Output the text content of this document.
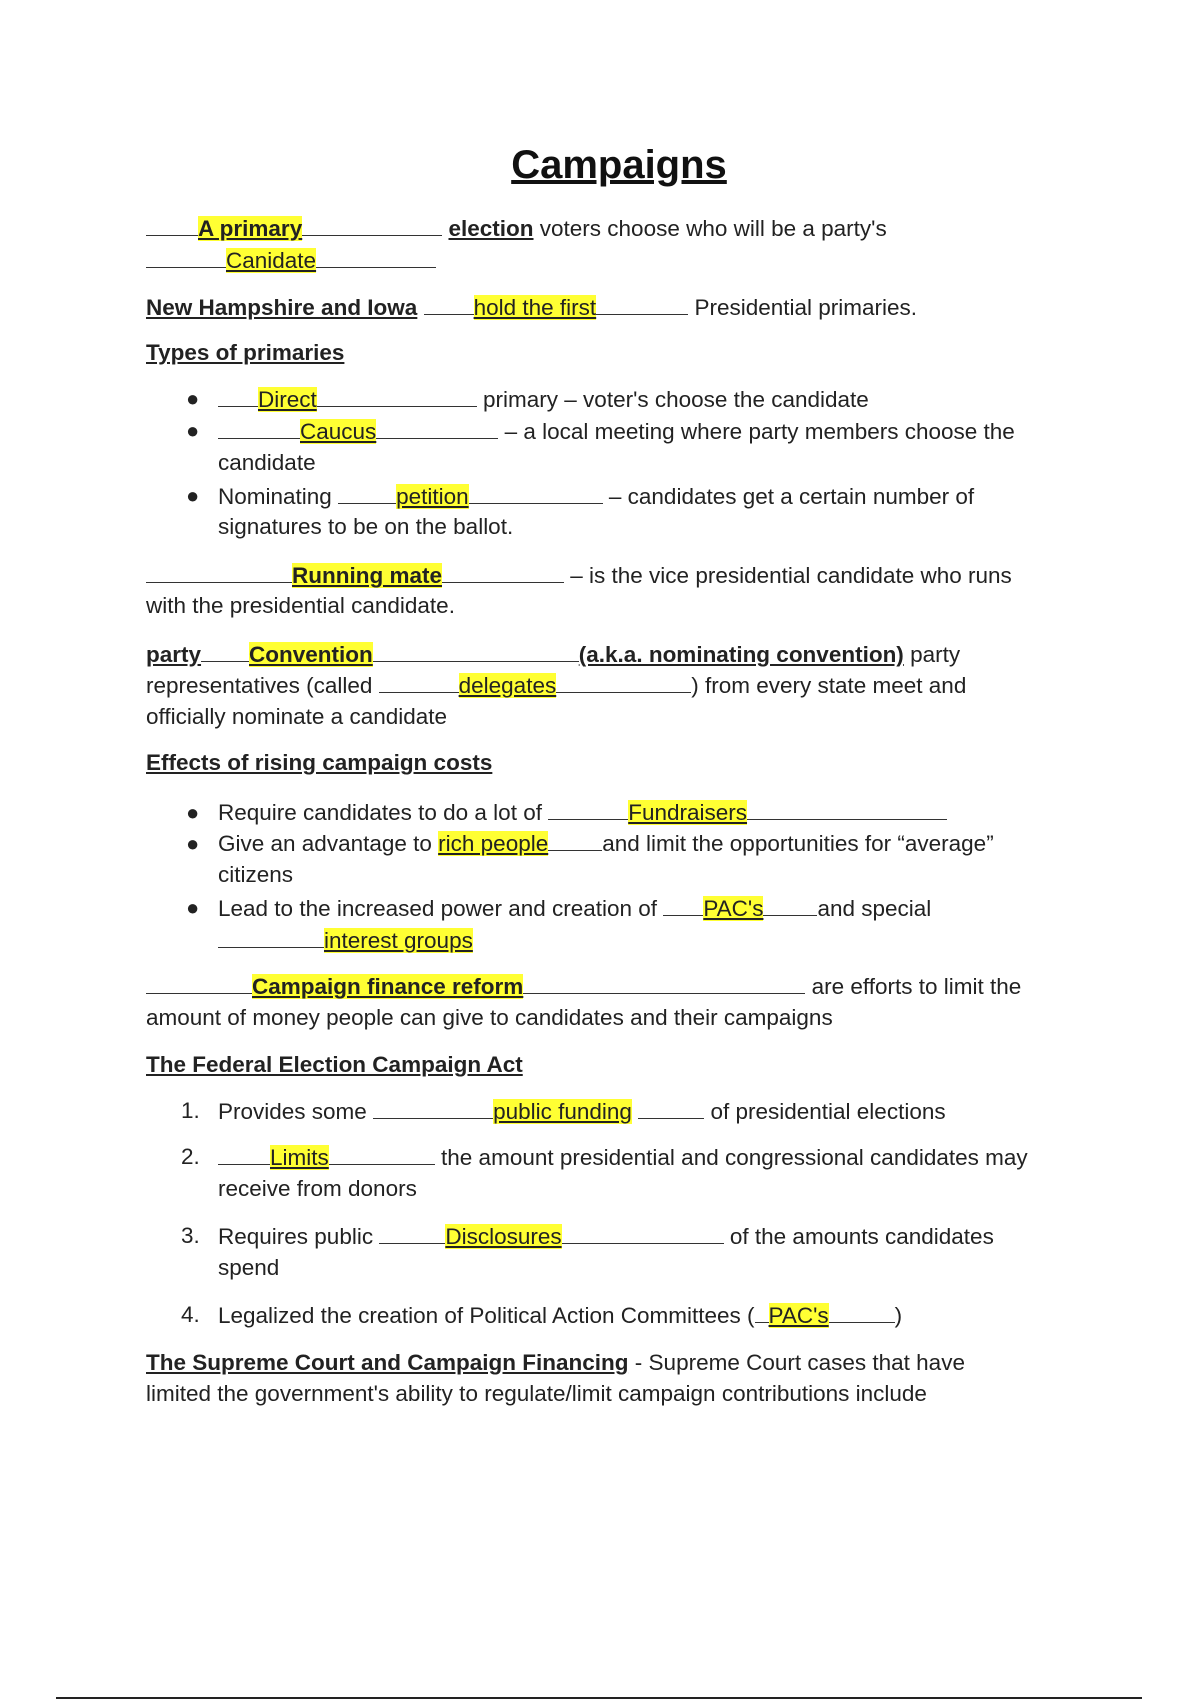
Campaigns
A primary	election voters choose who will be a party's
Canidate
New Hampshire and Iowa	hold the first	Presidential primaries.
Types of primaries
●	Direct	primary – voter's choose the candidate
●	Caucus	– a local meeting where party members choose the
candidate
● Nominating	petition	– candidates get a certain number of
signatures to be on the ballot.
Running mate	– is the vice presidential candidate who runs
with the presidential candidate.
party Convention	(a.k.a. nominating convention) party
representatives (called	delegates	) from every state meet and
officially nominate a candidate
Effects of rising campaign costs
● Require candidates to do a lot of	Fundraisers
● Give an advantage to rich people and limit the opportunities for “average”
citizens
● Lead to the increased power and creation of PAC's and special
interest groups
Campaign finance reform	are efforts to limit the
amount of money people can give to candidates and their campaigns
The Federal Election Campaign Act
1. Provides some	public funding	of presidential elections
2.	Limits	the amount presidential and congressional candidates may
receive from donors
3. Requires public	Disclosures	of the amounts candidates
spend
4. Legalized the creation of Political Action Committees ( PAC's	)
The Supreme Court and Campaign Financing - Supreme Court cases that have
limited the government's ability to regulate/limit campaign contributions include
